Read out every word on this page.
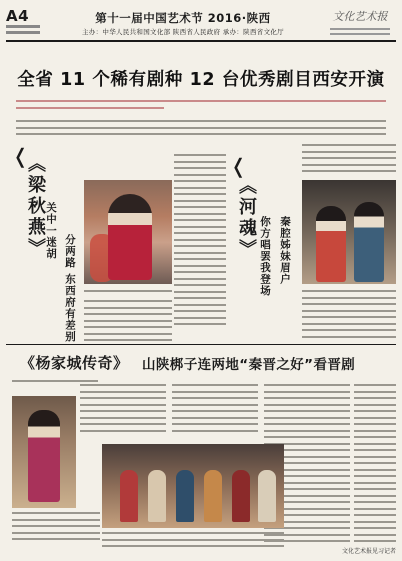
A4	第十一届中国艺术节 2016·陕西
主办：中华人民共和国文化部 陕西省人民政府 承办：陕西省文化厅
文化艺术报
全省 11 个稀有剧种 12 台优秀剧目西安开演
❬
《梁秋燕》 关中一迷胡
分两路 东西府有差别
❬
《河魂》 你方唱罢我登场 秦腔姊妹眉户
《杨家城传奇》 山陕梆子连两地“秦晋之好”看晋剧
文化艺术报见习记者
